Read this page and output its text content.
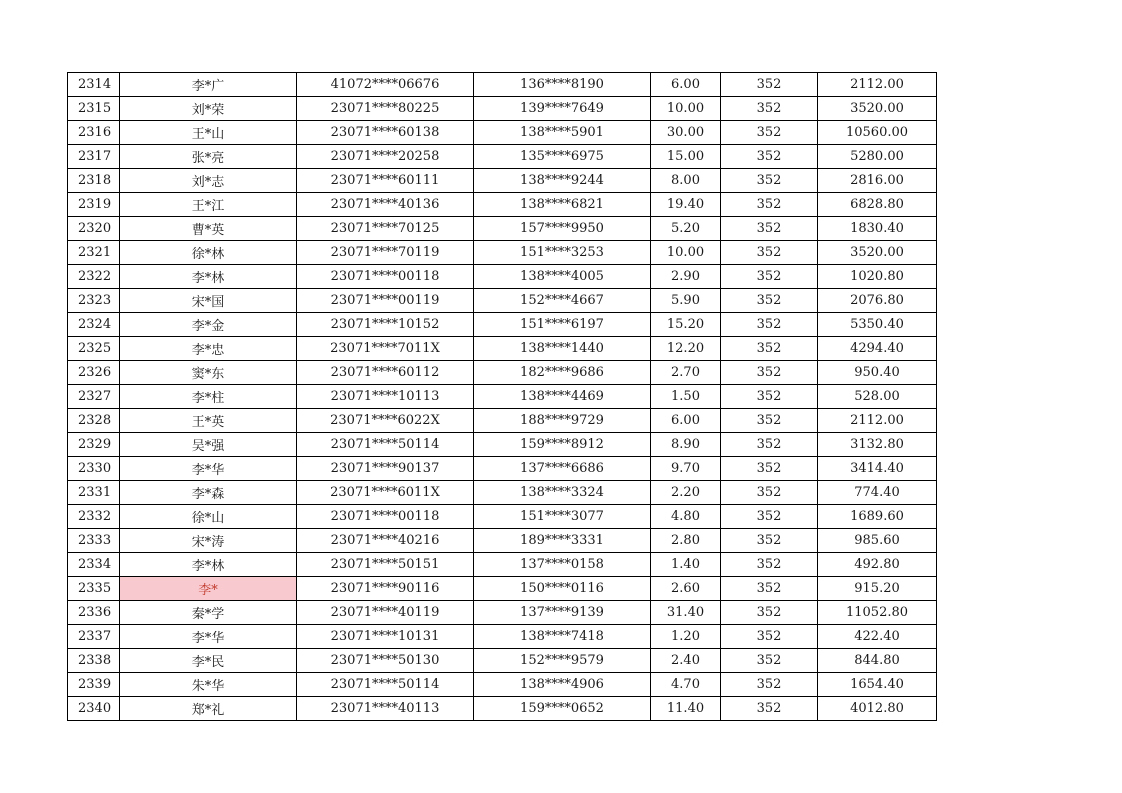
2314	李*广	41072****06676	136****8190	6.00	352	2112.00
2315	刘*荣	23071****80225	139****7649	10.00	352	3520.00
2316	王*山	23071****60138	138****5901	30.00	352	10560.00
2317	张*亮	23071****20258	135****6975	15.00	352	5280.00
2318	刘*志	23071****60111	138****9244	8.00	352	2816.00
2319	王*江	23071****40136	138****6821	19.40	352	6828.80
2320	曹*英	23071****70125	157****9950	5.20	352	1830.40
2321	徐*林	23071****70119	151****3253	10.00	352	3520.00
2322	李*林	23071****00118	138****4005	2.90	352	1020.80
2323	宋*国	23071****00119	152****4667	5.90	352	2076.80
2324	李*金	23071****10152	151****6197	15.20	352	5350.40
2325	李*忠	23071****7011X	138****1440	12.20	352	4294.40
2326	窦*东	23071****60112	182****9686	2.70	352	950.40
2327	李*柱	23071****10113	138****4469	1.50	352	528.00
2328	王*英	23071****6022X	188****9729	6.00	352	2112.00
2329	吴*强	23071****50114	159****8912	8.90	352	3132.80
2330	李*华	23071****90137	137****6686	9.70	352	3414.40
2331	李*森	23071****6011X	138****3324	2.20	352	774.40
2332	徐*山	23071****00118	151****3077	4.80	352	1689.60
2333	宋*涛	23071****40216	189****3331	2.80	352	985.60
2334	李*林	23071****50151	137****0158	1.40	352	492.80
2335	李*	23071****90116	150****0116	2.60	352	915.20
2336	秦*学	23071****40119	137****9139	31.40	352	11052.80
2337	李*华	23071****10131	138****7418	1.20	352	422.40
2338	李*民	23071****50130	152****9579	2.40	352	844.80
2339	朱*华	23071****50114	138****4906	4.70	352	1654.40
2340	郑*礼	23071****40113	159****0652	11.40	352	4012.80
